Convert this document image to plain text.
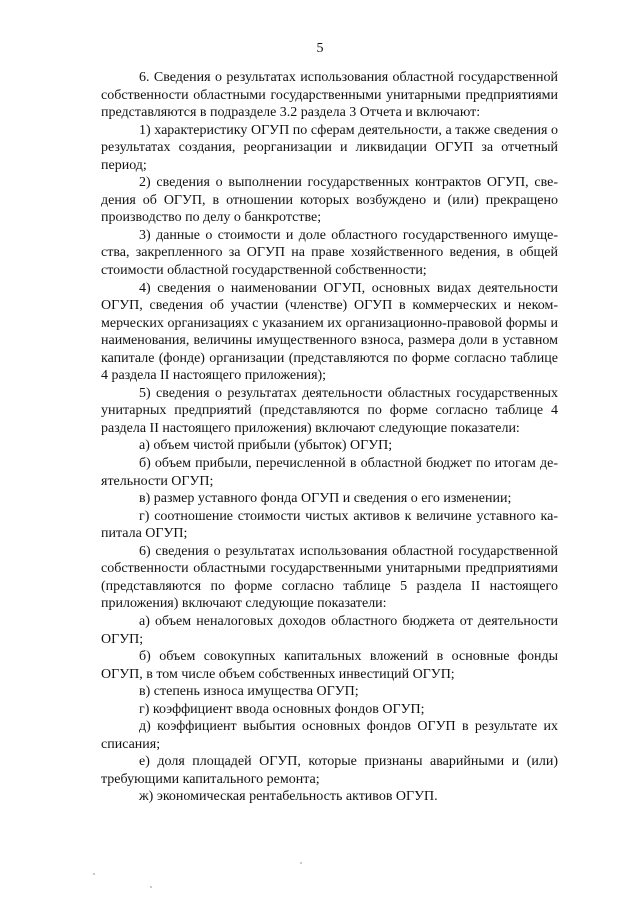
5

6. Сведения о результатах использования областной государственной собственности областными государственными унитарными предприятиями представляются в подразделе 3.2 раздела 3 Отчета и включают:

1) характеристику ОГУП по сферам деятельности, а также сведения о результатах создания, реорганизации и ликвидации ОГУП за отчетный период;

2) сведения о выполнении государственных контрактов ОГУП, сведения об ОГУП, в отношении которых возбуждено и (или) прекращено производство по делу о банкротстве;

3) данные о стоимости и доле областного государственного имущества, закрепленного за ОГУП на праве хозяйственного ведения, в общей стоимости областной государственной собственности;

4) сведения о наименовании ОГУП, основных видах деятельности ОГУП, сведения об участии (членстве) ОГУП в коммерческих и некоммерческих организациях с указанием их организационно-правовой формы и наименования, величины имущественного взноса, размера доли в уставном капитале (фонде) организации (представляются по форме согласно таблице 4 раздела II настоящего приложения);

5) сведения о результатах деятельности областных государственных унитарных предприятий (представляются по форме согласно таблице 4 раздела II настоящего приложения) включают следующие показатели:

а) объем чистой прибыли (убыток) ОГУП;

б) объем прибыли, перечисленной в областной бюджет по итогам деятельности ОГУП;

в) размер уставного фонда ОГУП и сведения о его изменении;

г) соотношение стоимости чистых активов к величине уставного капитала ОГУП;

6) сведения о результатах использования областной государственной собственности областными государственными унитарными предприятиями (представляются по форме согласно таблице 5 раздела II настоящего приложения) включают следующие показатели:

а) объем неналоговых доходов областного бюджета от деятельности ОГУП;

б) объем совокупных капитальных вложений в основные фонды ОГУП, в том числе объем собственных инвестиций ОГУП;

в) степень износа имущества ОГУП;

г) коэффициент ввода основных фондов ОГУП;

д) коэффициент выбытия основных фондов ОГУП в результате их списания;

е) доля площадей ОГУП, которые признаны аварийными и (или) требующими капитального ремонта;

ж) экономическая рентабельность активов ОГУП.
